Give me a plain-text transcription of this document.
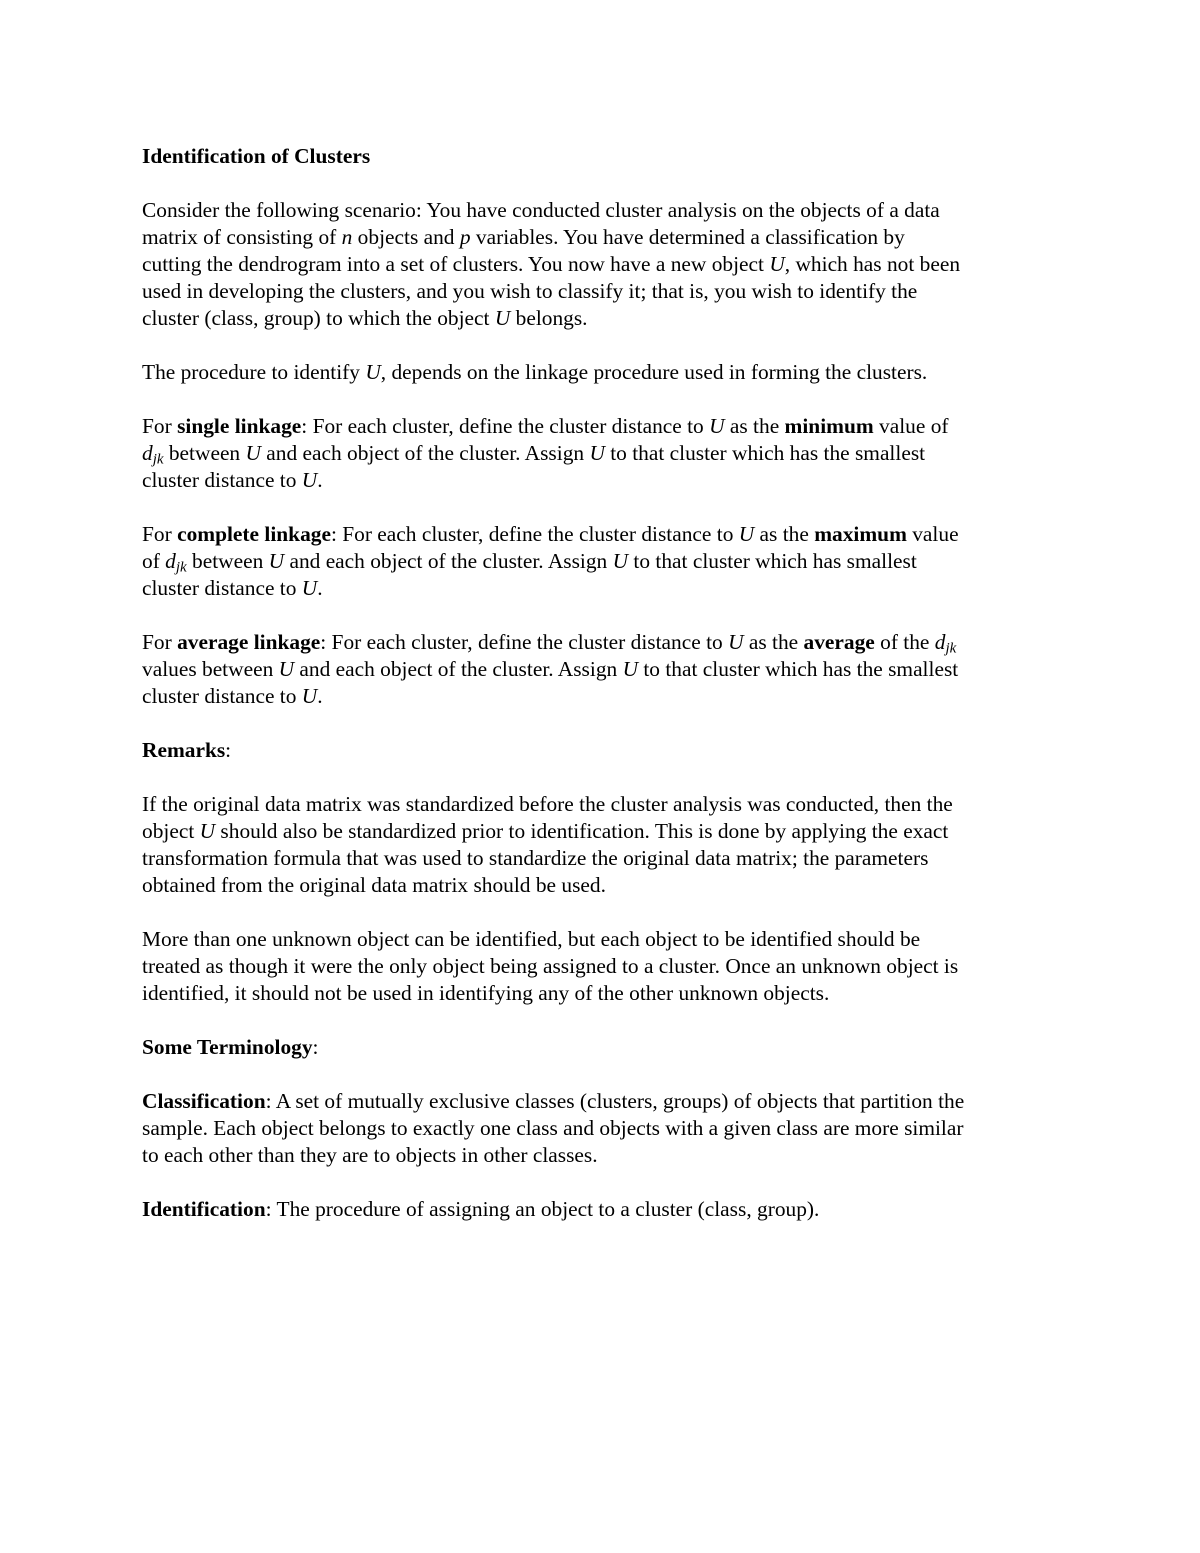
Identification of Clusters
Consider the following scenario: You have conducted cluster analysis on the objects of a data
matrix of consisting of n objects and p variables. You have determined a classification by
cutting the dendrogram into a set of clusters. You now have a new object U, which has not been
used in developing the clusters, and you wish to classify it; that is, you wish to identify the
cluster (class, group) to which the object U belongs.
The procedure to identify U, depends on the linkage procedure used in forming the clusters.
For single linkage: For each cluster, define the cluster distance to U as the minimum value of
$d_{jk}$ between U and each object of the cluster. Assign U to that cluster which has the smallest
cluster distance to U.
For complete linkage: For each cluster, define the cluster distance to U as the maximum value
of $d_{jk}$ between U and each object of the cluster. Assign U to that cluster which has smallest
cluster distance to U.
For average linkage: For each cluster, define the cluster distance to U as the average of the $d_{jk}$
values between U and each object of the cluster. Assign U to that cluster which has the smallest
cluster distance to U.
Remarks:
If the original data matrix was standardized before the cluster analysis was conducted, then the
object U should also be standardized prior to identification. This is done by applying the exact
transformation formula that was used to standardize the original data matrix; the parameters
obtained from the original data matrix should be used.
More than one unknown object can be identified, but each object to be identified should be
treated as though it were the only object being assigned to a cluster. Once an unknown object is
identified, it should not be used in identifying any of the other unknown objects.
Some Terminology:
Classification: A set of mutually exclusive classes (clusters, groups) of objects that partition the
sample. Each object belongs to exactly one class and objects with a given class are more similar
to each other than they are to objects in other classes.
Identification: The procedure of assigning an object to a cluster (class, group).
